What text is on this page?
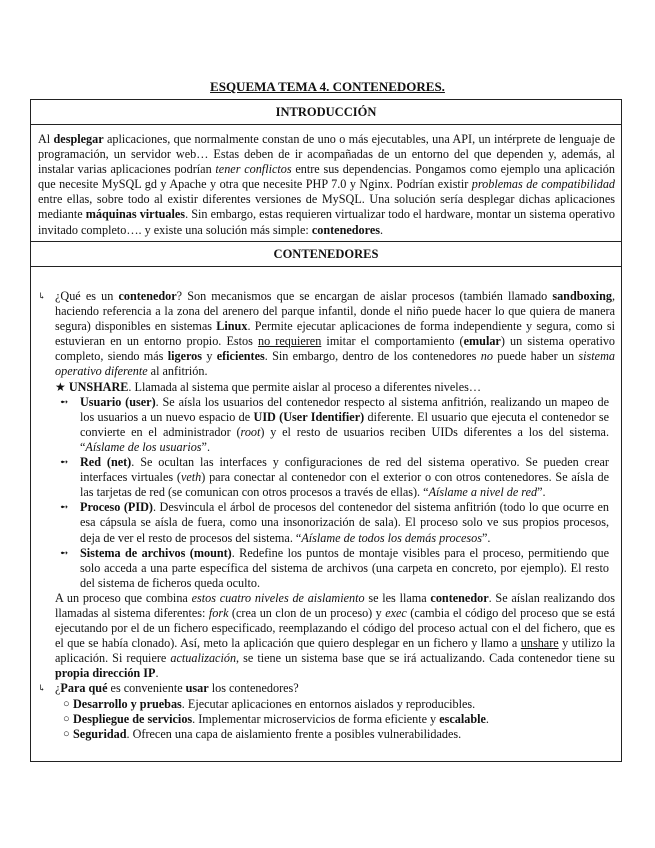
ESQUEMA TEMA 4. CONTENEDORES.
INTRODUCCIÓN
Al desplegar aplicaciones, que normalmente constan de uno o más ejecutables, una API, un intérprete de lenguaje de programación, un servidor web… Estas deben de ir acompañadas de un entorno del que dependen y, además, al instalar varias aplicaciones podrían tener conflictos entre sus dependencias. Pongamos como ejemplo una aplicación que necesite MySQL gd y Apache y otra que necesite PHP 7.0 y Nginx. Podrían existir problemas de compatibilidad entre ellas, sobre todo al existir diferentes versiones de MySQL. Una solución sería desplegar dichas aplicaciones mediante máquinas virtuales. Sin embargo, estas requieren virtualizar todo el hardware, montar un sistema operativo invitado completo…. y existe una solución más simple: contenedores.
CONTENEDORES
↳ ¿Qué es un contenedor? Son mecanismos que se encargan de aislar procesos (también llamado sandboxing, haciendo referencia a la zona del arenero del parque infantil, donde el niño puede hacer lo que quiera de manera segura) disponibles en sistemas Linux. Permite ejecutar aplicaciones de forma independiente y segura, como si estuvieran en un entorno propio. Estos no requieren imitar el comportamiento (emular) un sistema operativo completo, siendo más ligeros y eficientes. Sin embargo, dentro de los contenedores no puede haber un sistema operativo diferente al anfitrión.
★ UNSHARE. Llamada al sistema que permite aislar al proceso a diferentes niveles…
➻ Usuario (user). Se aísla los usuarios del contenedor respecto al sistema anfitrión, realizando un mapeo de los usuarios a un nuevo espacio de UID (User Identifier) diferente. El usuario que ejecuta el contenedor se convierte en el administrador (root) y el resto de usuarios reciben UIDs diferentes a los del sistema. “Aíslame de los usuarios”.
➻ Red (net). Se ocultan las interfaces y configuraciones de red del sistema operativo. Se pueden crear interfaces virtuales (veth) para conectar al contenedor con el exterior o con otros contenedores. Se aísla de las tarjetas de red (se comunican con otros procesos a través de ellas). “Aíslame a nivel de red”.
➻ Proceso (PID). Desvincula el árbol de procesos del contenedor del sistema anfitrión (todo lo que ocurre en esa cápsula se aísla de fuera, como una insonorización de sala). El proceso solo ve sus propios procesos, deja de ver el resto de procesos del sistema. “Aíslame de todos los demás procesos”.
➻ Sistema de archivos (mount). Redefine los puntos de montaje visibles para el proceso, permitiendo que solo acceda a una parte específica del sistema de archivos (una carpeta en concreto, por ejemplo). El resto del sistema de ficheros queda oculto.
A un proceso que combina estos cuatro niveles de aislamiento se les llama contenedor. Se aíslan realizando dos llamadas al sistema diferentes: fork (crea un clon de un proceso) y exec (cambia el código del proceso que se está ejecutando por el de un fichero especificado, reemplazando el código del proceso actual con el del fichero, que es el que se había clonado). Así, meto la aplicación que quiero desplegar en un fichero y llamo a unshare y utilizo la aplicación. Si requiere actualización, se tiene un sistema base que se irá actualizando. Cada contenedor tiene su propia dirección IP.
↳ ¿Para qué es conveniente usar los contenedores?
○ Desarrollo y pruebas. Ejecutar aplicaciones en entornos aislados y reproducibles.
○ Despliegue de servicios. Implementar microservicios de forma eficiente y escalable.
○ Seguridad. Ofrecen una capa de aislamiento frente a posibles vulnerabilidades.
